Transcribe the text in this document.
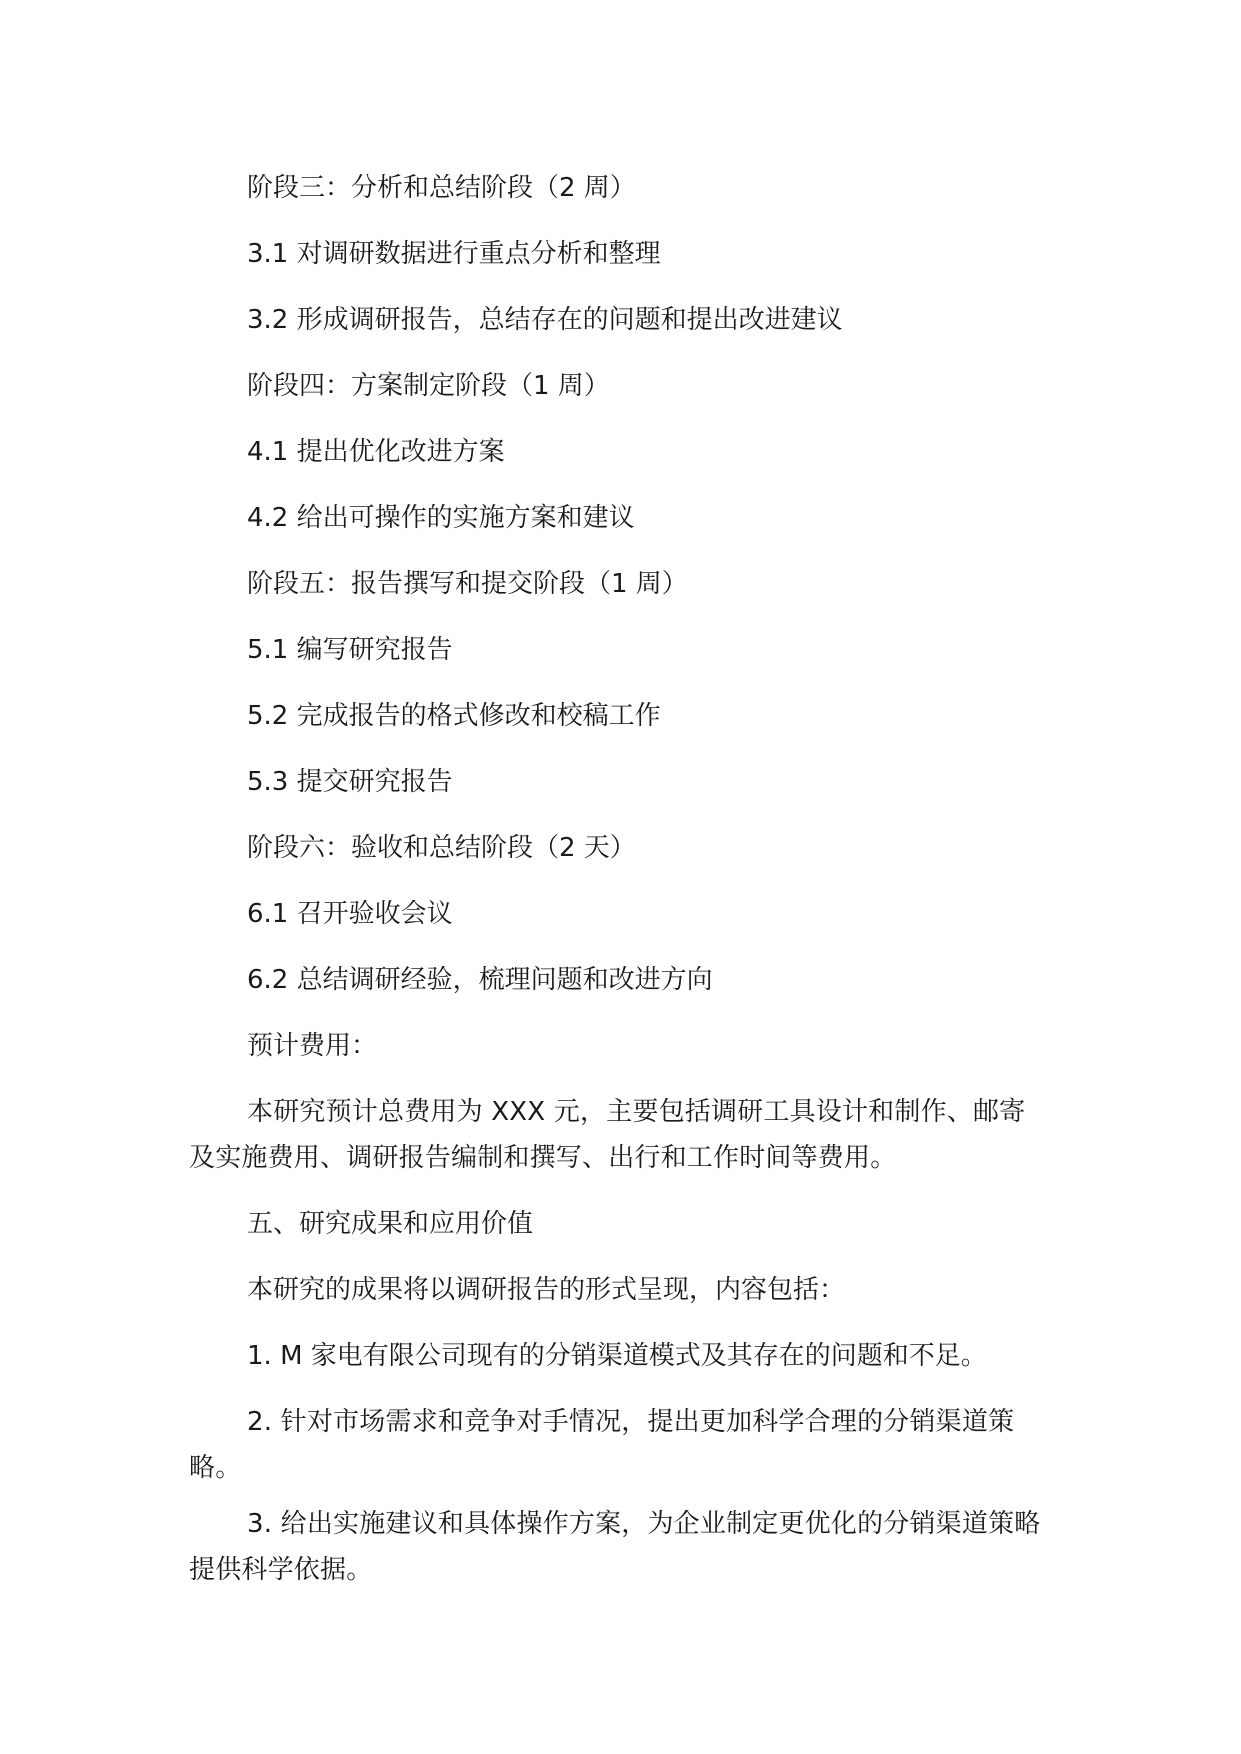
阶段三：分析和总结阶段（2 周）
3.1 对调研数据进行重点分析和整理
3.2 形成调研报告，总结存在的问题和提出改进建议
阶段四：方案制定阶段（1 周）
4.1 提出优化改进方案
4.2 给出可操作的实施方案和建议
阶段五：报告撰写和提交阶段（1 周）
5.1 编写研究报告
5.2 完成报告的格式修改和校稿工作
5.3 提交研究报告
阶段六：验收和总结阶段（2 天）
6.1 召开验收会议
6.2 总结调研经验，梳理问题和改进方向
预计费用：
本研究预计总费用为 XXX 元，主要包括调研工具设计和制作、邮寄及实施费用、调研报告编制和撰写、出行和工作时间等费用。
五、研究成果和应用价值
本研究的成果将以调研报告的形式呈现，内容包括：
1. M 家电有限公司现有的分销渠道模式及其存在的问题和不足。
2. 针对市场需求和竞争对手情况，提出更加科学合理的分销渠道策略。
3. 给出实施建议和具体操作方案，为企业制定更优化的分销渠道策略提供科学依据。
